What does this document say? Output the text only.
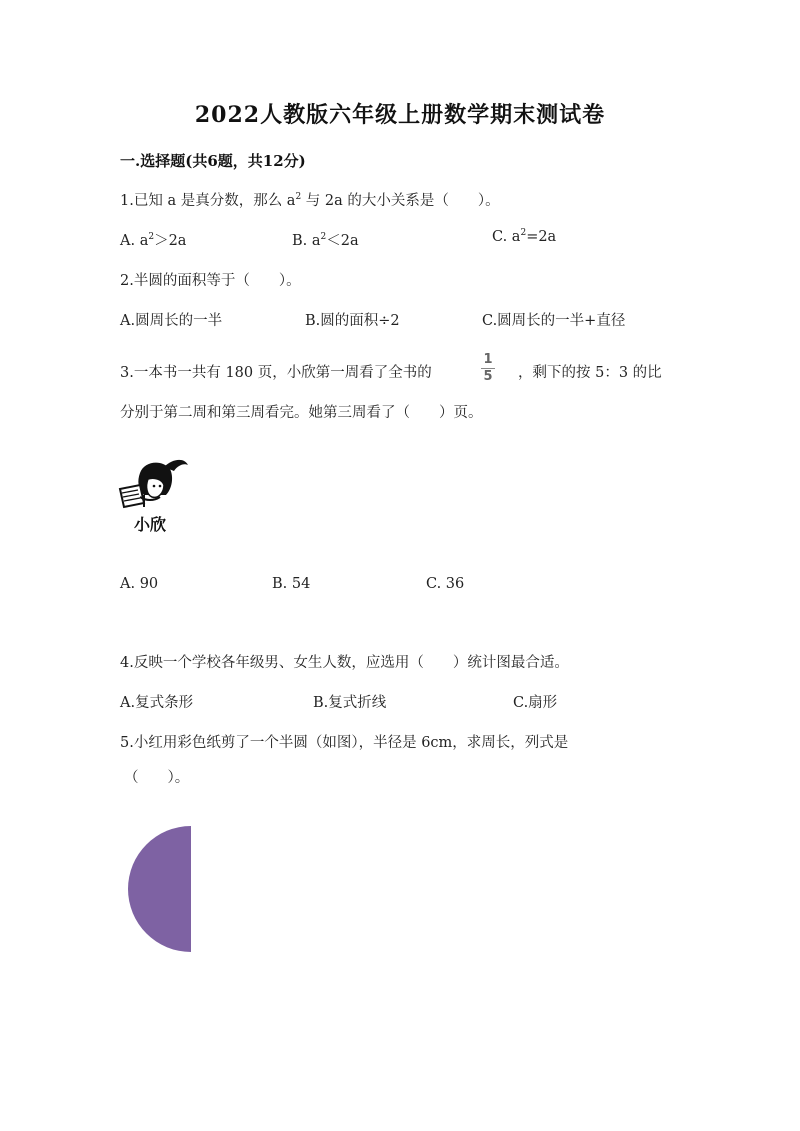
2022人教版六年级上册数学期末测试卷
一.选择题(共6题，共12分)
1.已知 a 是真分数，那么 $a^2$ 与 2a 的大小关系是（　　）。
A. $a^2>2a$	B. $a^2<2a$	C. $a^2=2a$
2.半圆的面积等于（　　）。
A.圆周长的一半	B.圆的面积÷2	C.圆周长的一半+直径
3.一本书一共有 180 页，小欣第一周看了全书的
1
5 ，剩下的按 5：3 的比
分别于第二周和第三周看完。她第三周看了（　　）页。
小欣
A. 90	B. 54	C. 36
4.反映一个学校各年级男、女生人数，应选用（　　）统计图最合适。
A.复式条形	B.复式折线	C.扇形
5.小红用彩色纸剪了一个半圆（如图），半径是 6cm，求周长，列式是
（　　）。
